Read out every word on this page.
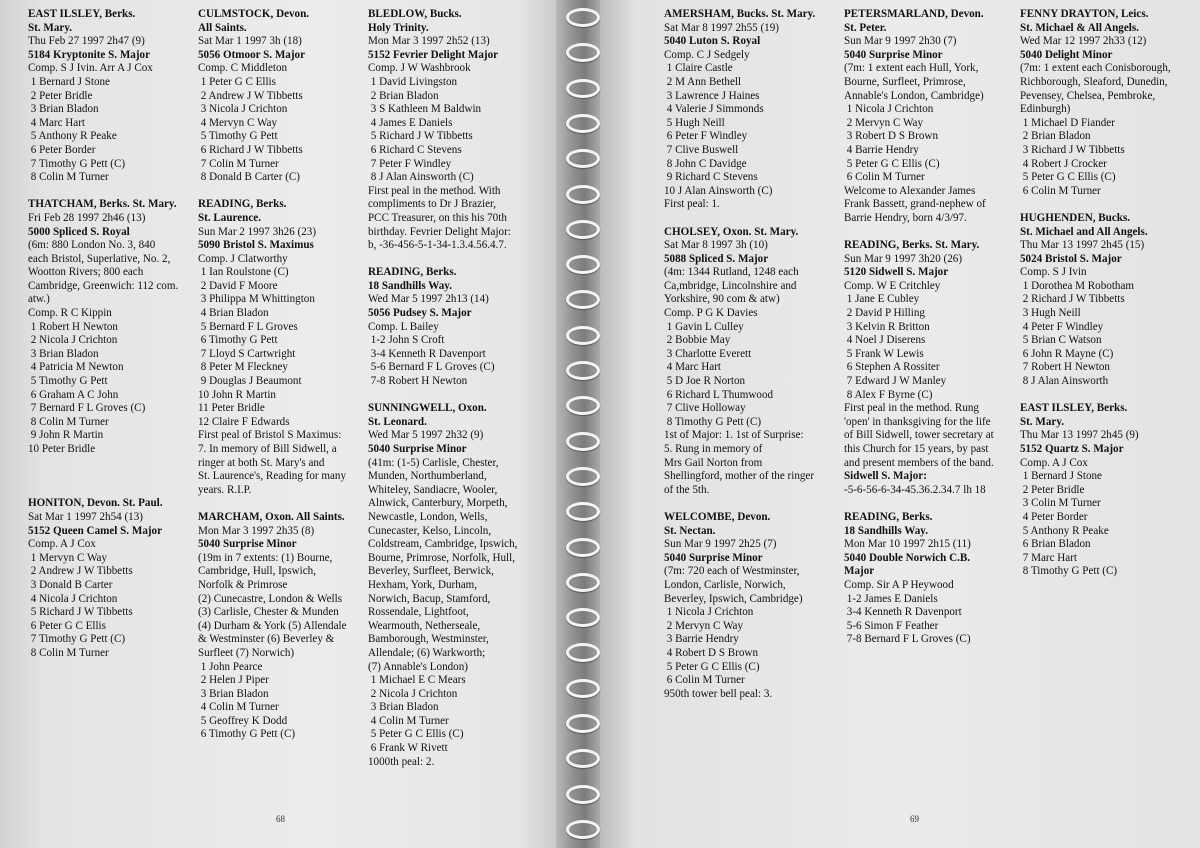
EAST ILSLEY, Berks.
St. Mary.
Thu Feb 27 1997 2h47 (9)
5184 Kryptonite S. Major
Comp. S J Ivin. Arr A J Cox
1 Bernard J Stone
2 Peter Bridle
3 Brian Bladon
4 Marc Hart
5 Anthony R Peake
6 Peter Border
7 Timothy G Pett (C)
8 Colin M Turner
THATCHAM, Berks. St. Mary.
Fri Feb 28 1997 2h46 (13)
5000 Spliced S. Royal
(6m: 880 London No. 3, 840
each Bristol, Superlative, No. 2,
Wootton Rivers; 800 each
Cambridge, Greenwich: 112 com.
atw.)
Comp. R C Kippin
1 Robert H Newton
2 Nicola J Crichton
3 Brian Bladon
4 Patricia M Newton
5 Timothy G Pett
6 Graham A C John
7 Bernard F L Groves (C)
8 Colin M Turner
9 John R Martin
10 Peter Bridle
HONITON, Devon. St. Paul.
Sat Mar 1 1997 2h54 (13)
5152 Queen Camel S. Major
Comp. A J Cox
1 Mervyn C Way
2 Andrew J W Tibbetts
3 Donald B Carter
4 Nicola J Crichton
5 Richard J W Tibbetts
6 Peter G C Ellis
7 Timothy G Pett (C)
8 Colin M Turner
CULMSTOCK, Devon.
All Saints.
Sat Mar 1 1997 3h (18)
5056 Otmoor S. Major
Comp. C Middleton
1 Peter G C Ellis
2 Andrew J W Tibbetts
3 Nicola J Crichton
4 Mervyn C Way
5 Timothy G Pett
6 Richard J W Tibbetts
7 Colin M Turner
8 Donald B Carter (C)
READING, Berks.
St. Laurence.
Sun Mar 2 1997 3h26 (23)
5090 Bristol S. Maximus
Comp. J Clatworthy
1 Ian Roulstone (C)
2 David F Moore
3 Philippa M Whittington
4 Brian Bladon
5 Bernard F L Groves
6 Timothy G Pett
7 Lloyd S Cartwright
8 Peter M Fleckney
9 Douglas J Beaumont
10 John R Martin
11 Peter Bridle
12 Claire F Edwards
First peal of Bristol S Maximus:
7. In memory of Bill Sidwell, a
ringer at both St. Mary's and
St. Laurence's, Reading for many
years. R.I.P.
MARCHAM, Oxon. All Saints.
Mon Mar 3 1997 2h35 (8)
5040 Surprise Minor
(19m in 7 extents: (1) Bourne,
Cambridge, Hull, Ipswich,
Norfolk & Primrose
(2) Cunecastre, London & Wells
(3) Carlisle, Chester & Munden
(4) Durham & York (5) Allendale
& Westminster (6) Beverley &
Surfleet (7) Norwich)
1 John Pearce
2 Helen J Piper
3 Brian Bladon
4 Colin M Turner
5 Geoffrey K Dodd
6 Timothy G Pett (C)
BLEDLOW, Bucks.
Holy Trinity.
Mon Mar 3 1997 2h52 (13)
5152 Fevrier Delight Major
Comp. J W Washbrook
1 David Livingston
2 Brian Bladon
3 S Kathleen M Baldwin
4 James E Daniels
5 Richard J W Tibbetts
6 Richard C Stevens
7 Peter F Windley
8 J Alan Ainsworth (C)
First peal in the method. With
compliments to Dr J Brazier,
PCC Treasurer, on this his 70th
birthday. Fevrier Delight Major:
b, -36-456-5-1-34-1.3.4.56.4.7.
READING, Berks.
18 Sandhills Way.
Wed Mar 5 1997 2h13 (14)
5056 Pudsey S. Major
Comp. L Bailey
1-2 John S Croft
3-4 Kenneth R Davenport
5-6 Bernard F L Groves (C)
7-8 Robert H Newton
SUNNINGWELL, Oxon.
St. Leonard.
Wed Mar 5 1997 2h32 (9)
5040 Surprise Minor
(41m: (1-5) Carlisle, Chester,
Munden, Northumberland,
Whiteley, Sandiacre, Wooler,
Alnwick, Canterbury, Morpeth,
Newcastle, London, Wells,
Cunecaster, Kelso, Lincoln,
Coldstream, Cambridge, Ipswich,
Bourne, Primrose, Norfolk, Hull,
Beverley, Surfleet, Berwick,
Hexham, York, Durham,
Norwich, Bacup, Stamford,
Rossendale, Lightfoot,
Wearmouth, Netherseale,
Bamborough, Westminster,
Allendale; (6) Warkworth;
(7) Annable's London)
1 Michael E C Mears
2 Nicola J Crichton
3 Brian Bladon
4 Colin M Turner
5 Peter G C Ellis (C)
6 Frank W Rivett
1000th peal: 2.
68
AMERSHAM, Bucks. St. Mary.
Sat Mar 8 1997 2h55 (19)
5040 Luton S. Royal
Comp. C J Sedgely
1 Claire Castle
2 M Ann Bethell
3 Lawrence J Haines
4 Valerie J Simmonds
5 Hugh Neill
6 Peter F Windley
7 Clive Buswell
8 John C Davidge
9 Richard C Stevens
10 J Alan Ainsworth (C)
First peal: 1.
CHOLSEY, Oxon. St. Mary.
Sat Mar 8 1997 3h (10)
5088 Spliced S. Major
(4m: 1344 Rutland, 1248 each
Ca,mbridge, Lincolnshire and
Yorkshire, 90 com & atw)
Comp. P G K Davies
1 Gavin L Culley
2 Bobbie May
3 Charlotte Everett
4 Marc Hart
5 D Joe R Norton
6 Richard L Thumwood
7 Clive Holloway
8 Timothy G Pett (C)
1st of Major: 1. 1st of Surprise:
5. Rung in memory of
Mrs Gail Norton from
Shellingford, mother of the ringer
of the 5th.
WELCOMBE, Devon.
St. Nectan.
Sun Mar 9 1997 2h25 (7)
5040 Surprise Minor
(7m: 720 each of Westminster,
London, Carlisle, Norwich,
Beverley, Ipswich, Cambridge)
1 Nicola J Crichton
2 Mervyn C Way
3 Barrie Hendry
4 Robert D S Brown
5 Peter G C Ellis (C)
6 Colin M Turner
950th tower bell peal: 3.
PETERSMARLAND, Devon.
St. Peter.
Sun Mar 9 1997 2h30 (7)
5040 Surprise Minor
(7m: 1 extent each Hull, York,
Bourne, Surfleet, Primrose,
Annable's London, Cambridge)
1 Nicola J Crichton
2 Mervyn C Way
3 Robert D S Brown
4 Barrie Hendry
5 Peter G C Ellis (C)
6 Colin M Turner
Welcome to Alexander James
Frank Bassett, grand-nephew of
Barrie Hendry, born 4/3/97.
READING, Berks. St. Mary.
Sun Mar 9 1997 3h20 (26)
5120 Sidwell S. Major
Comp. W E Critchley
1 Jane E Cubley
2 David P Hilling
3 Kelvin R Britton
4 Noel J Diserens
5 Frank W Lewis
6 Stephen A Rossiter
7 Edward J W Manley
8 Alex F Byrne (C)
First peal in the method. Rung
'open' in thanksgiving for the life
of Bill Sidwell, tower secretary at
this Church for 15 years, by past
and present members of the band.
Sidwell S. Major:
-5-6-56-6-34-45.36.2.34.7 lh 18
READING, Berks.
18 Sandhills Way.
Mon Mar 10 1997 2h15 (11)
5040 Double Norwich C.B.
Major
Comp. Sir A P Heywood
1-2 James E Daniels
3-4 Kenneth R Davenport
5-6 Simon F Feather
7-8 Bernard F L Groves (C)
FENNY DRAYTON, Leics.
St. Michael & All Angels.
Wed Mar 12 1997 2h33 (12)
5040 Delight Minor
(7m: 1 extent each Conisborough,
Richborough, Sleaford, Dunedin,
Pevensey, Chelsea, Pembroke,
Edinburgh)
1 Michael D Fiander
2 Brian Bladon
3 Richard J W Tibbetts
4 Robert J Crocker
5 Peter G C Ellis (C)
6 Colin M Turner
HUGHENDEN, Bucks.
St. Michael and All Angels.
Thu Mar 13 1997 2h45 (15)
5024 Bristol S. Major
Comp. S J Ivin
1 Dorothea M Robotham
2 Richard J W Tibbetts
3 Hugh Neill
4 Peter F Windley
5 Brian C Watson
6 John R Mayne (C)
7 Robert H Newton
8 J Alan Ainsworth
EAST ILSLEY, Berks.
St. Mary.
Thu Mar 13 1997 2h45 (9)
5152 Quartz S. Major
Comp. A J Cox
1 Bernard J Stone
2 Peter Bridle
3 Colin M Turner
4 Peter Border
5 Anthony R Peake
6 Brian Bladon
7 Marc Hart
8 Timothy G Pett (C)
69
